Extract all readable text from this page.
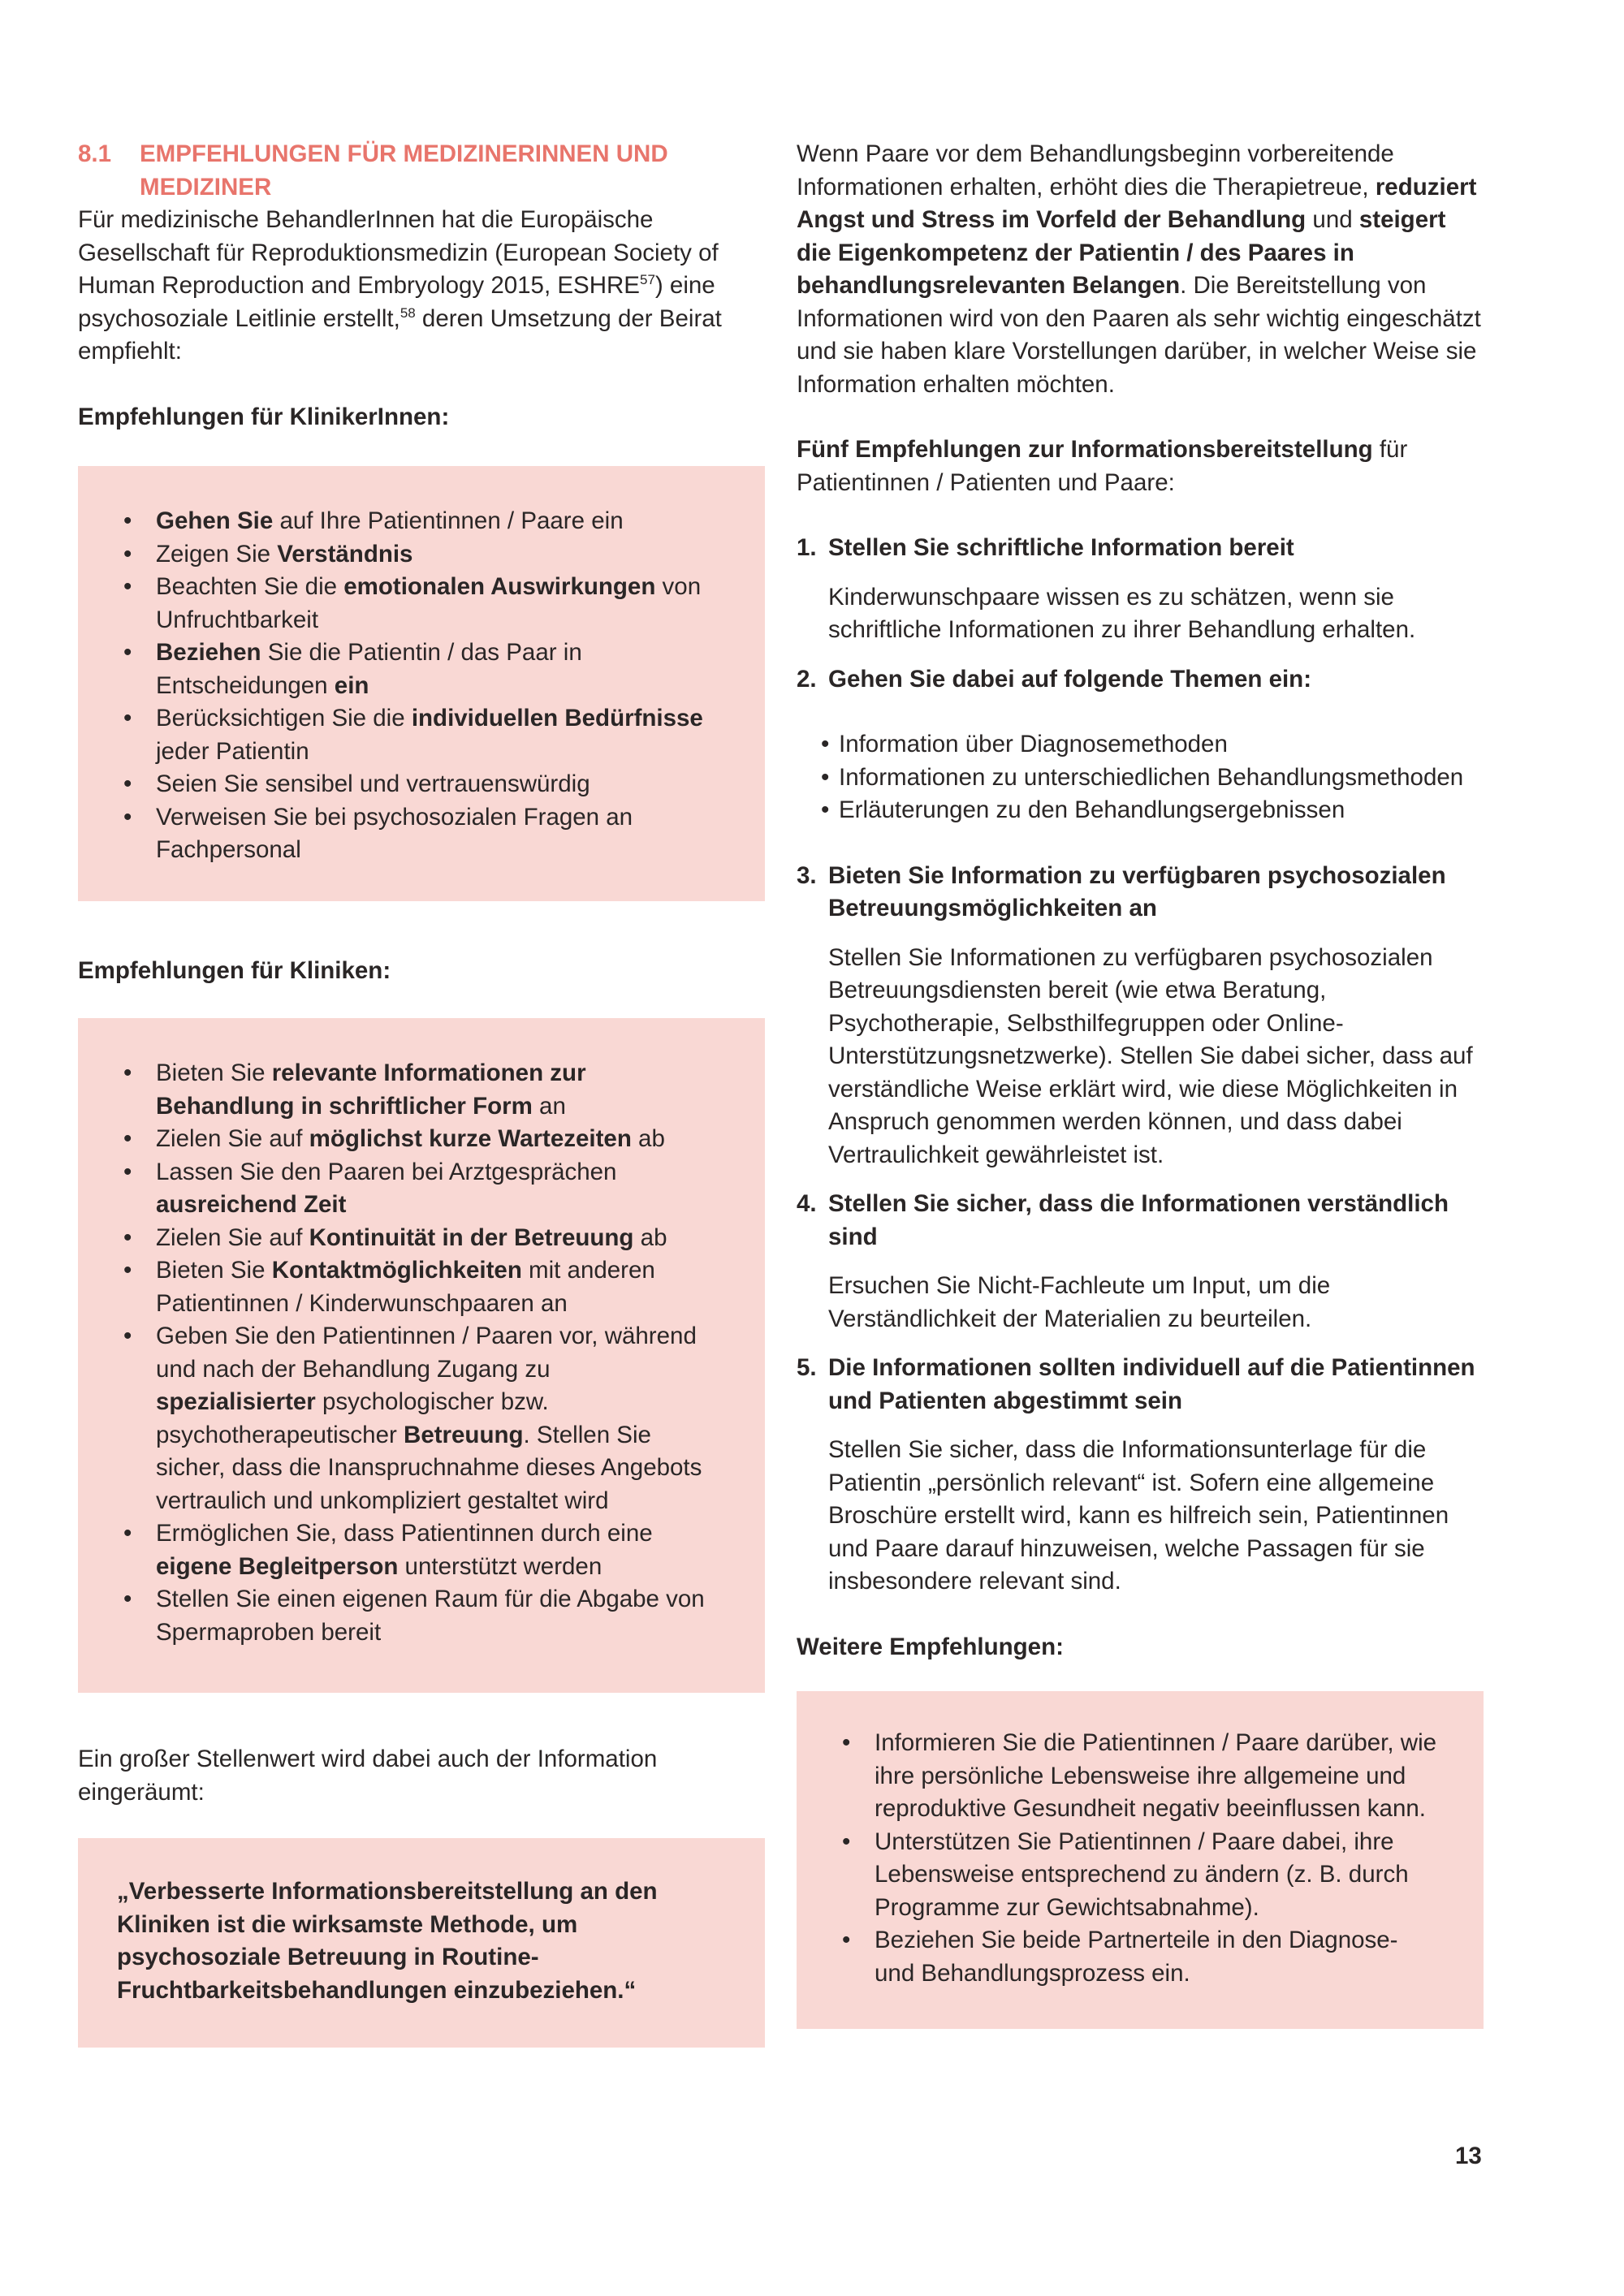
8.1	EMPFEHLUNGEN FÜR MEDIZINERINNEN UND MEDIZINER

Für medizinische BehandlerInnen hat die Europäische Gesellschaft für Reproduktionsmedizin (European Society of Human Reproduction and Embryology 2015, ESHRE$^{57}$) eine psychosoziale Leitlinie erstellt,$^{58}$ deren Umsetzung der Beirat empfiehlt:

Empfehlungen für KlinikerInnen:

• Gehen Sie auf Ihre Patientinnen / Paare ein
• Zeigen Sie Verständnis
• Beachten Sie die emotionalen Auswirkungen von Unfruchtbarkeit
• Beziehen Sie die Patientin / das Paar in Entscheidungen ein
• Berücksichtigen Sie die individuellen Bedürfnisse jeder Patientin
• Seien Sie sensibel und vertrauenswürdig
• Verweisen Sie bei psychosozialen Fragen an Fachpersonal

Empfehlungen für Kliniken:

• Bieten Sie relevante Informationen zur Behandlung in schriftlicher Form an
• Zielen Sie auf möglichst kurze Wartezeiten ab
• Lassen Sie den Paaren bei Arztgesprächen ausreichend Zeit
• Zielen Sie auf Kontinuität in der Betreuung ab
• Bieten Sie Kontaktmöglichkeiten mit anderen Patientinnen / Kinderwunschpaaren an
• Geben Sie den Patientinnen / Paaren vor, während und nach der Behandlung Zugang zu spezialisierter psychologischer bzw. psychotherapeutischer Betreuung. Stellen Sie sicher, dass die Inanspruchnahme dieses Angebots vertraulich und unkompliziert gestaltet wird
• Ermöglichen Sie, dass Patientinnen durch eine eigene Begleitperson unterstützt werden
• Stellen Sie einen eigenen Raum für die Abgabe von Spermaproben bereit

Ein großer Stellenwert wird dabei auch der Information eingeräumt:

„Verbesserte Informationsbereitstellung an den Kliniken ist die wirksamste Methode, um psychosoziale Betreuung in Routine-Fruchtbarkeitsbehandlungen einzubeziehen.“

Wenn Paare vor dem Behandlungsbeginn vorbereitende Informationen erhalten, erhöht dies die Therapietreue, reduziert Angst und Stress im Vorfeld der Behandlung und steigert die Eigenkompetenz der Patientin / des Paares in behandlungsrelevanten Belangen. Die Bereitstellung von Informationen wird von den Paaren als sehr wichtig eingeschätzt und sie haben klare Vorstellungen darüber, in welcher Weise sie Information erhalten möchten.

Fünf Empfehlungen zur Informationsbereitstellung für Patientinnen / Patienten und Paare:

1. Stellen Sie schriftliche Information bereit

Kinderwunschpaare wissen es zu schätzen, wenn sie schriftliche Informationen zu ihrer Behandlung erhalten.

2. Gehen Sie dabei auf folgende Themen ein:
• Information über Diagnosemethoden
• Informationen zu unterschiedlichen Behandlungsmethoden
• Erläuterungen zu den Behandlungsergebnissen
3. Bieten Sie Information zu verfügbaren psychosozialen Betreuungsmöglichkeiten an

Stellen Sie Informationen zu verfügbaren psychosozialen Betreuungsdiensten bereit (wie etwa Beratung, Psychotherapie, Selbsthilfegruppen oder Online-Unterstützungsnetzwerke). Stellen Sie dabei sicher, dass auf verständliche Weise erklärt wird, wie diese Möglichkeiten in Anspruch genommen werden können, und dass dabei Vertraulichkeit gewährleistet ist.

4. Stellen Sie sicher, dass die Informationen verständlich sind

Ersuchen Sie Nicht-Fachleute um Input, um die Verständlichkeit der Materialien zu beurteilen.

5. Die Informationen sollten individuell auf die Patientinnen und Patienten abgestimmt sein

Stellen Sie sicher, dass die Informationsunterlage für die Patientin „persönlich relevant“ ist. Sofern eine allgemeine Broschüre erstellt wird, kann es hilfreich sein, Patientinnen und Paare darauf hinzuweisen, welche Passagen für sie insbesondere relevant sind.

Weitere Empfehlungen:

• Informieren Sie die Patientinnen / Paare darüber, wie ihre persönliche Lebensweise ihre allgemeine und reproduktive Gesundheit negativ beeinflussen kann.
• Unterstützen Sie Patientinnen / Paare dabei, ihre Lebensweise entsprechend zu ändern (z. B. durch Programme zur Gewichtsabnahme).
• Beziehen Sie beide Partnerteile in den Diagnose- und Behandlungsprozess ein.
13
